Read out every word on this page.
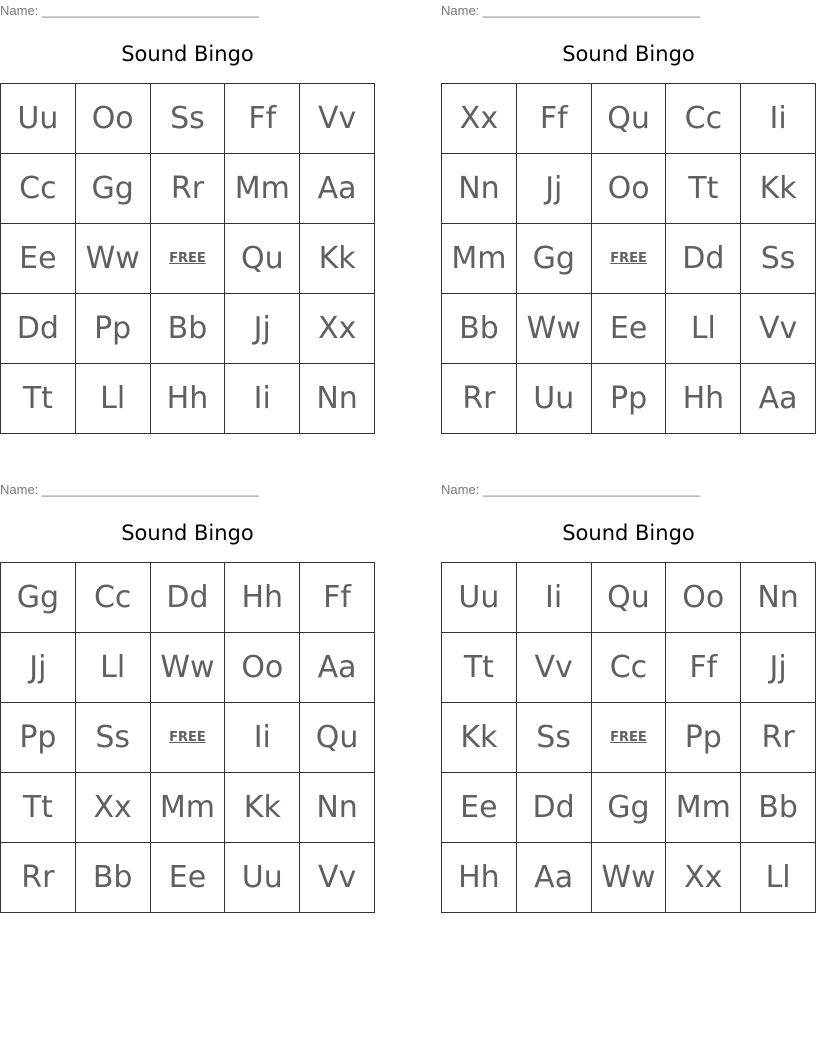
Name: ______________________________
Sound Bingo
Uu	Oo	Ss	Ff	Vv
Cc	Gg	Rr	Mm	Aa
Ee	Ww	FREE	Qu	Kk
Dd	Pp	Bb	Jj	Xx
Tt	Ll	Hh	Ii	Nn
Name: ______________________________
Sound Bingo
Xx	Ff	Qu	Cc	Ii
Nn	Jj	Oo	Tt	Kk
Mm	Gg	FREE	Dd	Ss
Bb	Ww	Ee	Ll	Vv
Rr	Uu	Pp	Hh	Aa
Name: ______________________________
Sound Bingo
Gg	Cc	Dd	Hh	Ff
Jj	Ll	Ww	Oo	Aa
Pp	Ss	FREE	Ii	Qu
Tt	Xx	Mm	Kk	Nn
Rr	Bb	Ee	Uu	Vv
Name: ______________________________
Sound Bingo
Uu	Ii	Qu	Oo	Nn
Tt	Vv	Cc	Ff	Jj
Kk	Ss	FREE	Pp	Rr
Ee	Dd	Gg	Mm	Bb
Hh	Aa	Ww	Xx	Ll
